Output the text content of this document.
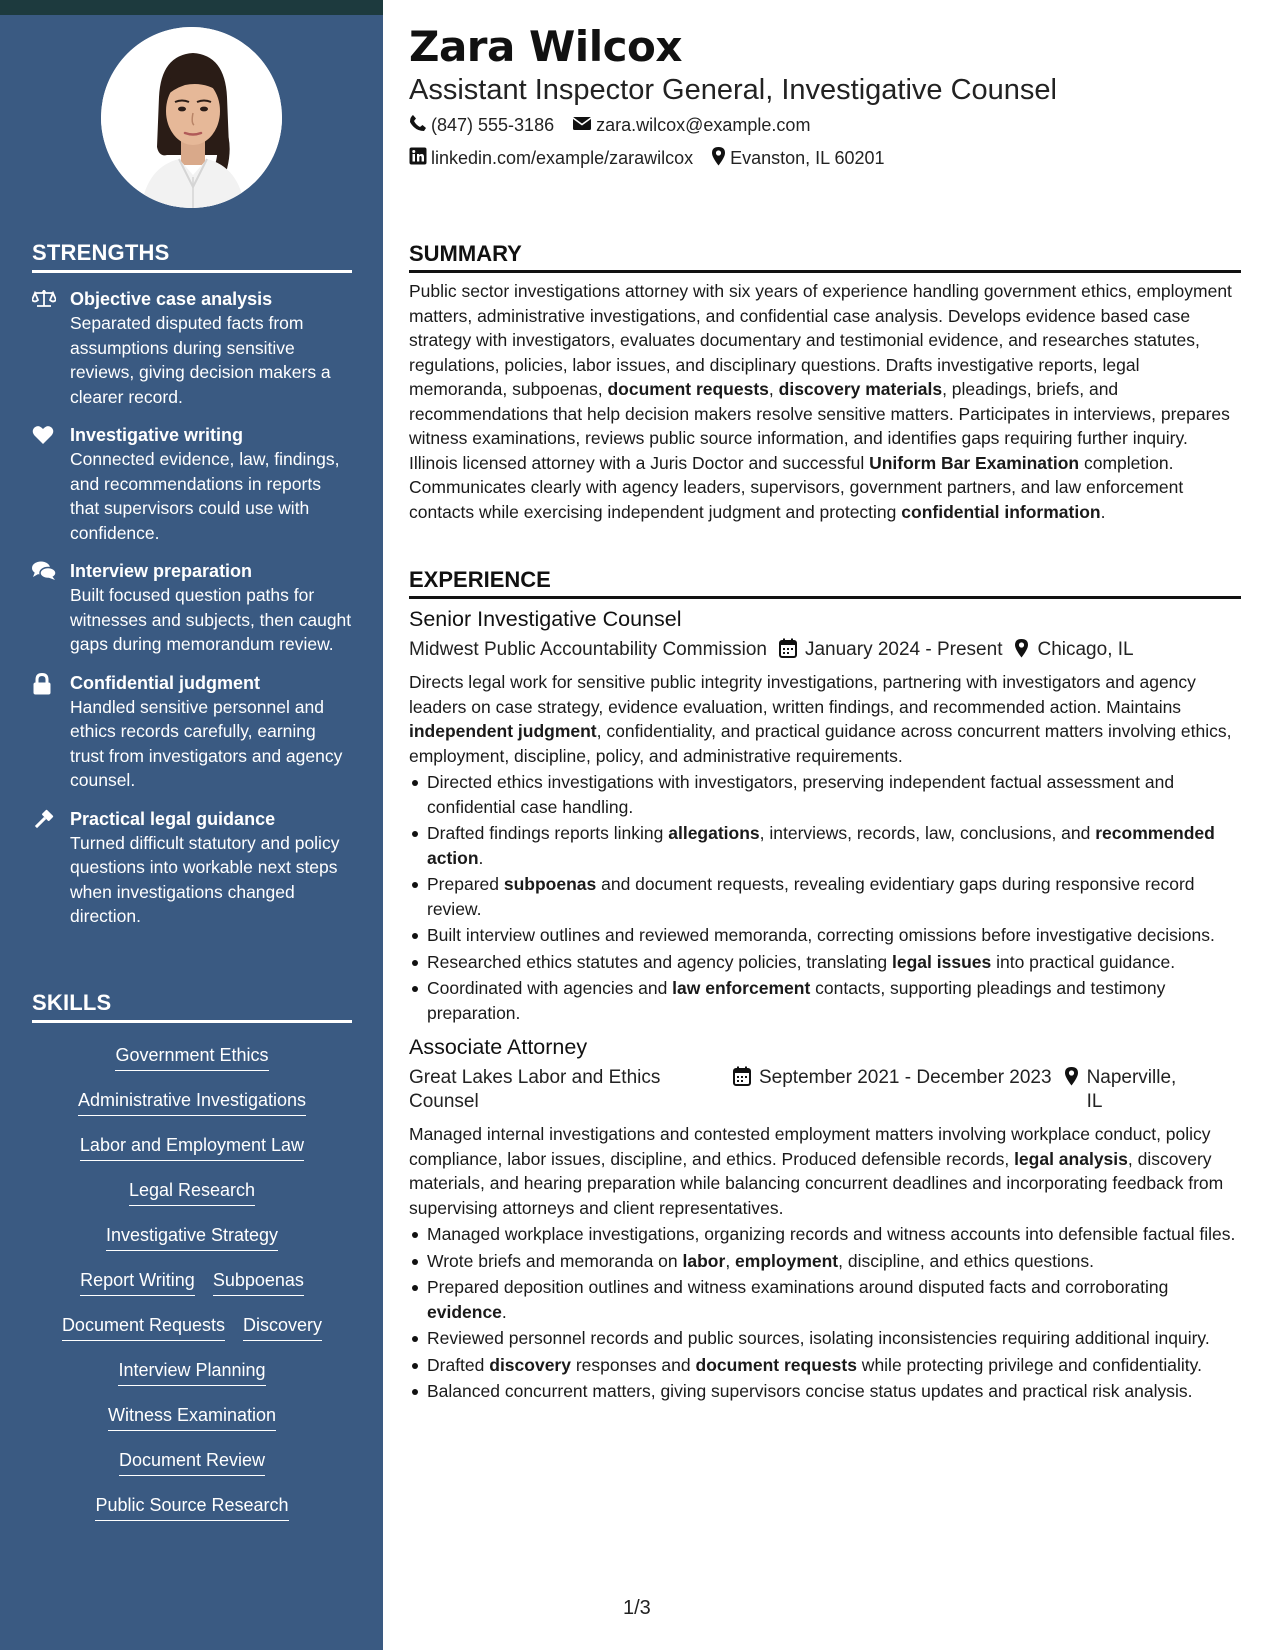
STRENGTHS
Objective case analysis
Separated disputed facts from assumptions during sensitive reviews, giving decision makers a clearer record.
Investigative writing
Connected evidence, law, findings, and recommendations in reports that supervisors could use with confidence.
Interview preparation
Built focused question paths for witnesses and subjects, then caught gaps during memorandum review.
Confidential judgment
Handled sensitive personnel and ethics records carefully, earning trust from investigators and agency counsel.
Practical legal guidance
Turned difficult statutory and policy questions into workable next steps when investigations changed direction.
SKILLS
Government Ethics
Administrative Investigations
Labor and Employment Law
Legal Research
Investigative Strategy
Report Writing Subpoenas
Document Requests Discovery
Interview Planning
Witness Examination
Document Review
Public Source Research
Zara Wilcox
Assistant Inspector General, Investigative Counsel
(847) 555-3186 zara.wilcox@example.com
linkedin.com/example/zarawilcox Evanston, IL 60201
SUMMARY
Public sector investigations attorney with six years of experience handling government ethics, employment matters, administrative investigations, and confidential case analysis. Develops evidence based case strategy with investigators, evaluates documentary and testimonial evidence, and researches statutes, regulations, policies, labor issues, and disciplinary questions. Drafts investigative reports, legal memoranda, subpoenas, document requests, discovery materials, pleadings, briefs, and recommendations that help decision makers resolve sensitive matters. Participates in interviews, prepares witness examinations, reviews public source information, and identifies gaps requiring further inquiry. Illinois licensed attorney with a Juris Doctor and successful Uniform Bar Examination completion. Communicates clearly with agency leaders, supervisors, government partners, and law enforcement contacts while exercising independent judgment and protecting confidential information.
EXPERIENCE
Senior Investigative Counsel
Midwest Public Accountability Commission January 2024 - Present Chicago, IL
Directs legal work for sensitive public integrity investigations, partnering with investigators and agency leaders on case strategy, evidence evaluation, written findings, and recommended action. Maintains independent judgment, confidentiality, and practical guidance across concurrent matters involving ethics, employment, discipline, policy, and administrative requirements.
Directed ethics investigations with investigators, preserving independent factual assessment and confidential case handling.
Drafted findings reports linking allegations, interviews, records, law, conclusions, and recommended action.
Prepared subpoenas and document requests, revealing evidentiary gaps during responsive record review.
Built interview outlines and reviewed memoranda, correcting omissions before investigative decisions.
Researched ethics statutes and agency policies, translating legal issues into practical guidance.
Coordinated with agencies and law enforcement contacts, supporting pleadings and testimony preparation.
Associate Attorney
Great Lakes Labor and Ethics Counsel
September 2021 - December 2023 Naperville, IL
Managed internal investigations and contested employment matters involving workplace conduct, policy compliance, labor issues, discipline, and ethics. Produced defensible records, legal analysis, discovery materials, and hearing preparation while balancing concurrent deadlines and incorporating feedback from supervising attorneys and client representatives.
Managed workplace investigations, organizing records and witness accounts into defensible factual files.
Wrote briefs and memoranda on labor, employment, discipline, and ethics questions.
Prepared deposition outlines and witness examinations around disputed facts and corroborating evidence.
Reviewed personnel records and public sources, isolating inconsistencies requiring additional inquiry.
Drafted discovery responses and document requests while protecting privilege and confidentiality.
Balanced concurrent matters, giving supervisors concise status updates and practical risk analysis.
1/3
